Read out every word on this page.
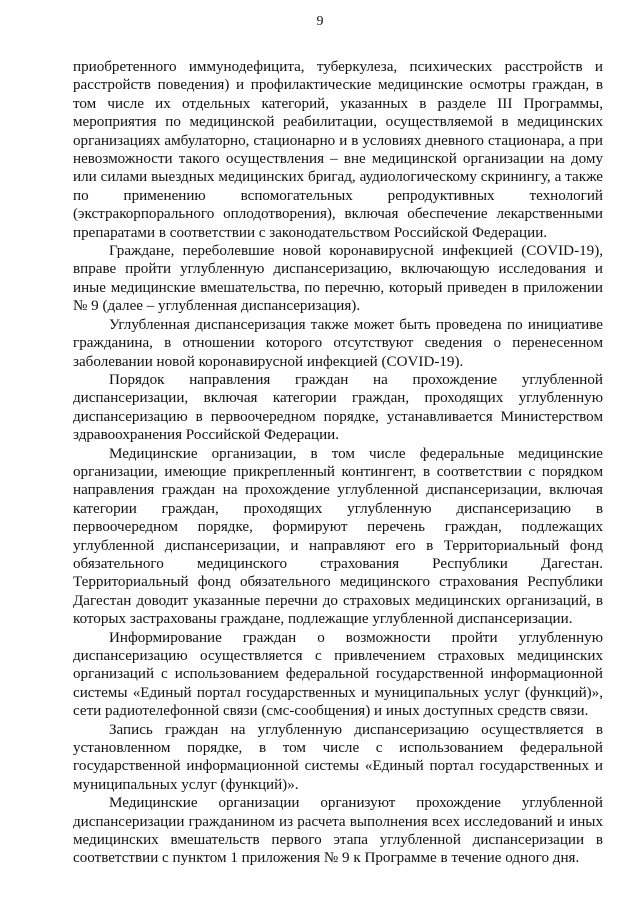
9

приобретенного иммунодефицита, туберкулеза, психических расстройств и расстройств поведения) и профилактические медицинские осмотры граждан, в том числе их отдельных категорий, указанных в разделе III Программы, мероприятия по медицинской реабилитации, осуществляемой в медицинских организациях амбулаторно, стационарно и в условиях дневного стационара, а при невозможности такого осуществления – вне медицинской организации на дому или силами выездных медицинских бригад, аудиологическому скринингу, а также по применению вспомогательных репродуктивных технологий (экстракорпорального оплодотворения), включая обеспечение лекарственными препаратами в соответствии с законодательством Российской Федерации.

Граждане, переболевшие новой коронавирусной инфекцией (COVID-19), вправе пройти углубленную диспансеризацию, включающую исследования и иные медицинские вмешательства, по перечню, который приведен в приложении № 9 (далее – углубленная диспансеризация).

Углубленная диспансеризация также может быть проведена по инициативе гражданина, в отношении которого отсутствуют сведения о перенесенном заболевании новой коронавирусной инфекцией (COVID-19).

Порядок направления граждан на прохождение углубленной диспансеризации, включая категории граждан, проходящих углубленную диспансеризацию в первоочередном порядке, устанавливается Министерством здравоохранения Российской Федерации.

Медицинские организации, в том числе федеральные медицинские организации, имеющие прикрепленный контингент, в соответствии с порядком направления граждан на прохождение углубленной диспансеризации, включая категории граждан, проходящих углубленную диспансеризацию в первоочередном порядке, формируют перечень граждан, подлежащих углубленной диспансеризации, и направляют его в Территориальный фонд обязательного медицинского страхования Республики Дагестан. Территориальный фонд обязательного медицинского страхования Республики Дагестан доводит указанные перечни до страховых медицинских организаций, в которых застрахованы граждане, подлежащие углубленной диспансеризации.

Информирование граждан о возможности пройти углубленную диспансеризацию осуществляется с привлечением страховых медицинских организаций с использованием федеральной государственной информационной системы «Единый портал государственных и муниципальных услуг (функций)», сети радиотелефонной связи (смс-сообщения) и иных доступных средств связи.

Запись граждан на углубленную диспансеризацию осуществляется в установленном порядке, в том числе с использованием федеральной государственной информационной системы «Единый портал государственных и муниципальных услуг (функций)».

Медицинские организации организуют прохождение углубленной диспансеризации гражданином из расчета выполнения всех исследований и иных медицинских вмешательств первого этапа углубленной диспансеризации в соответствии с пунктом 1 приложения № 9 к Программе в течение одного дня.
